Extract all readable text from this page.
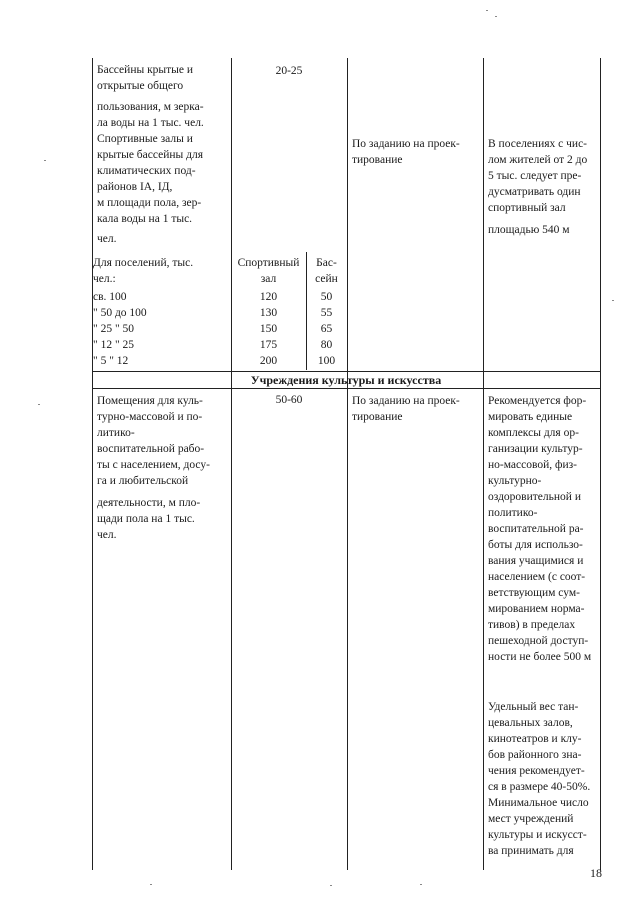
Бассейны крытые и
открытые общего
пользования, м зерка-
ла воды на 1 тыс. чел.
Спортивные залы и
крытые бассейны для
климатических под-
районов IА, IД,
м площади пола, зер-
кала воды на 1 тыс.
чел.
20-25
По заданию на проек-
тирование
В поселениях с чис-
лом жителей от 2 до
5 тыс. следует пре-
дусматривать один
спортивный зал
площадью 540 м
Для поселений, тыс.
чел.:
Спортивный
зал
Бас-
сейн
св. 100
" 50 до 100
" 25 " 50
" 12 " 25
" 5 " 12
120
130
150
175
200
50
55
65
80
100
Учреждения культуры и искусства
Помещения для куль-
турно-массовой и по-
литико-
воспитательной рабо-
ты с населением, досу-
га и любительской
деятельности, м пло-
щади пола на 1 тыс.
чел.
50-60	По заданию на проек-
тирование
Рекомендуется фор-
мировать единые
комплексы для ор-
ганизации культур-
но-массовой, физ-
культурно-
оздоровительной и
политико-
воспитательной ра-
боты для использо-
вания учащимися и
населением (с соот-
ветствующим сум-
мированием норма-
тивов) в пределах
пешеходной доступ-
ности не более 500 м
Удельный вес тан-
цевальных залов,
кинотеатров и клу-
бов районного зна-
чения рекомендует-
ся в размере 40-50%.
Минимальное число
мест учреждений
культуры и искусст-
ва принимать для
18
